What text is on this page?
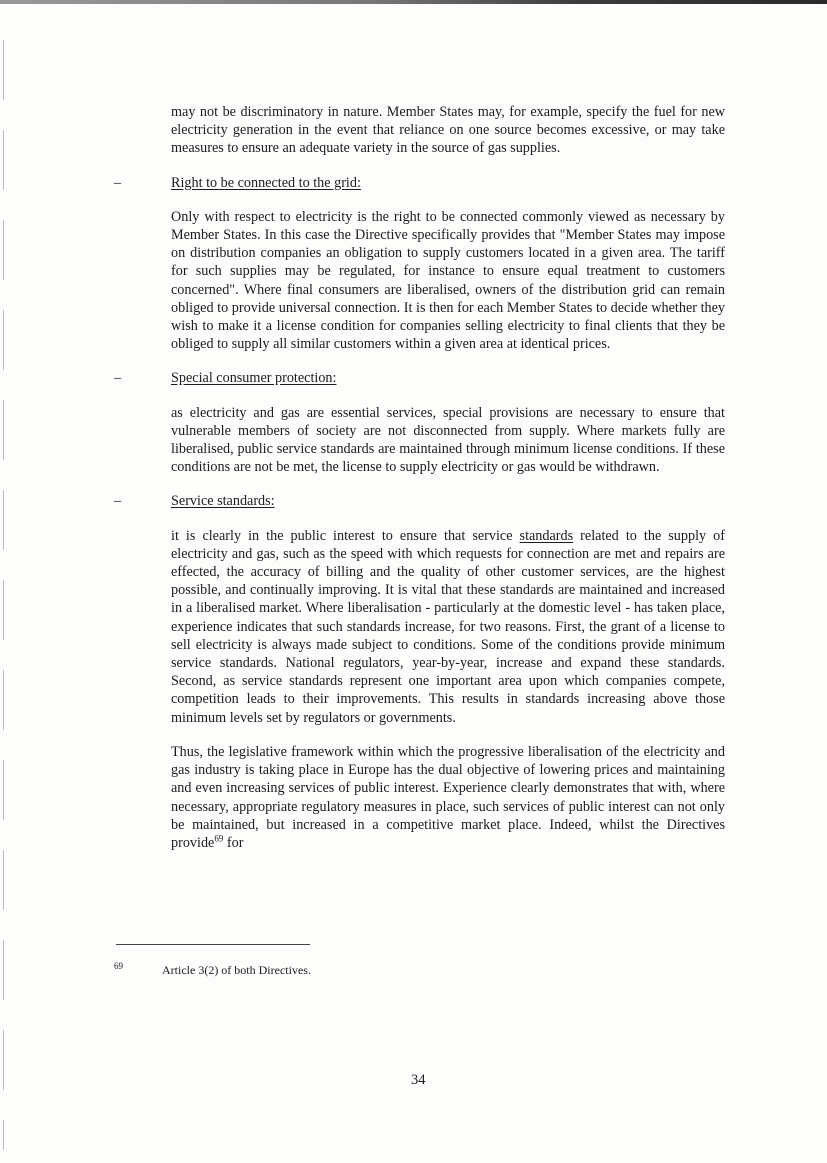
may not be discriminatory in nature. Member States may, for example, specify the fuel for new electricity generation in the event that reliance on one source becomes excessive, or may take measures to ensure an adequate variety in the source of gas supplies.

–	Right to be connected to the grid:

Only with respect to electricity is the right to be connected commonly viewed as necessary by Member States. In this case the Directive specifically provides that "Member States may impose on distribution companies an obligation to supply customers located in a given area. The tariff for such supplies may be regulated, for instance to ensure equal treatment to customers concerned". Where final consumers are liberalised, owners of the distribution grid can remain obliged to provide universal connection. It is then for each Member States to decide whether they wish to make it a license condition for companies selling electricity to final clients that they be obliged to supply all similar customers within a given area at identical prices.

–	Special consumer protection:

as electricity and gas are essential services, special provisions are necessary to ensure that vulnerable members of society are not disconnected from supply. Where markets fully are liberalised, public service standards are maintained through minimum license conditions. If these conditions are not be met, the license to supply electricity or gas would be withdrawn.

–	Service standards:

it is clearly in the public interest to ensure that service standards related to the supply of electricity and gas, such as the speed with which requests for connection are met and repairs are effected, the accuracy of billing and the quality of other customer services, are the highest possible, and continually improving. It is vital that these standards are maintained and increased in a liberalised market. Where liberalisation - particularly at the domestic level - has taken place, experience indicates that such standards increase, for two reasons. First, the grant of a license to sell electricity is always made subject to conditions. Some of the conditions provide minimum service standards. National regulators, year-by-year, increase and expand these standards. Second, as service standards represent one important area upon which companies compete, competition leads to their improvements. This results in standards increasing above those minimum levels set by regulators or governments.

Thus, the legislative framework within which the progressive liberalisation of the electricity and gas industry is taking place in Europe has the dual objective of lowering prices and maintaining and even increasing services of public interest. Experience clearly demonstrates that with, where necessary, appropriate regulatory measures in place, such services of public interest can not only be maintained, but increased in a competitive market place. Indeed, whilst the Directives provide$^{69}$ for

69	Article 3(2) of both Directives.
34
